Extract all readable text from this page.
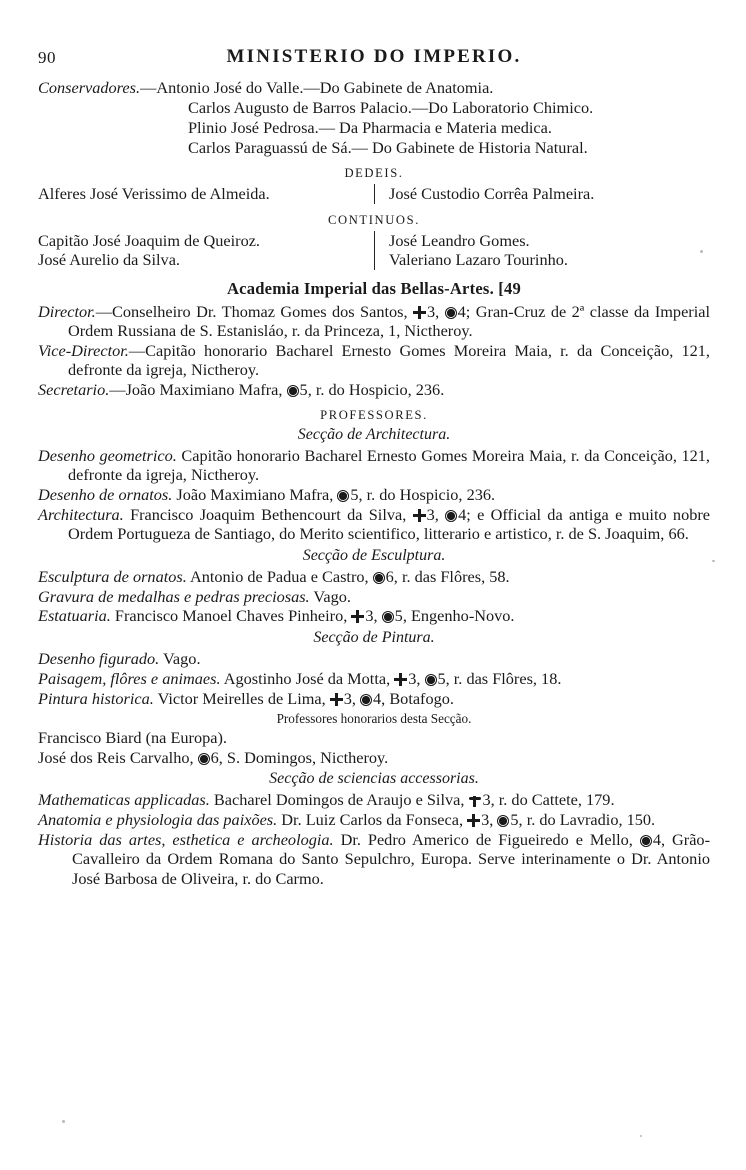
90	MINISTERIO DO IMPERIO.

Conservadores.—Antonio José do Valle.—Do Gabinete de Anatomia.

Carlos Augusto de Barros Palacio.—Do Laboratorio Chimico.

Plinio José Pedrosa.— Da Pharmacia e Materia medica.

Carlos Paraguassú de Sá.— Do Gabinete de Historia Natural.

DEDEIS.
Alferes José Verissimo de Almeida.	José Custodio Corrêa Palmeira.
CONTINUOS.
Capitão José Joaquim de Queiroz.
José Aurelio da Silva.
José Leandro Gomes.
Valeriano Lazaro Tourinho.
Academia Imperial das Bellas-Artes. [49

Director.—Conselheiro Dr. Thomaz Gomes dos Santos, 3, 4; Gran-Cruz de 2ª classe da Imperial Ordem Russiana de S. Estanisláo, r. da Princeza, 1, Nictheroy.

Vice-Director.—Capitão honorario Bacharel Ernesto Gomes Moreira Maia, r. da Conceição, 121, defronte da igreja, Nictheroy.

Secretario.—João Maximiano Mafra, 5, r. do Hospicio, 236.

PROFESSORES.
Secção de Architectura.

Desenho geometrico. Capitão honorario Bacharel Ernesto Gomes Moreira Maia, r. da Conceição, 121, defronte da igreja, Nictheroy.

Desenho de ornatos. João Maximiano Mafra, 5, r. do Hospicio, 236.

Architectura. Francisco Joaquim Bethencourt da Silva, 3, 4; e Official da antiga e muito nobre Ordem Portugueza de Santiago, do Merito scientifico, litterario e artistico, r. de S. Joaquim, 66.

Secção de Esculptura.

Esculptura de ornatos. Antonio de Padua e Castro, 6, r. das Flôres, 58.

Gravura de medalhas e pedras preciosas. Vago.

Estatuaria. Francisco Manoel Chaves Pinheiro, 3, 5, Engenho-Novo.

Secção de Pintura.

Desenho figurado. Vago.

Paisagem, flôres e animaes. Agostinho José da Motta, 3, 5, r. das Flôres, 18.

Pintura historica. Victor Meirelles de Lima, 3, 4, Botafogo.

Professores honorarios desta Secção.

Francisco Biard (na Europa).

José dos Reis Carvalho, 6, S. Domingos, Nictheroy.

Secção de sciencias accessorias.

Mathematicas applicadas. Bacharel Domingos de Araujo e Silva, 3, r. do Cattete, 179.

Anatomia e physiologia das paixões. Dr. Luiz Carlos da Fonseca, 3, 5, r. do Lavradio, 150.

Historia das artes, esthetica e archeologia. Dr. Pedro Americo de Figueiredo e Mello, 4, Grão-Cavalleiro da Ordem Romana do Santo Sepulchro, Europa. Serve interinamente o Dr. Antonio José Barbosa de Oliveira, r. do Carmo.
